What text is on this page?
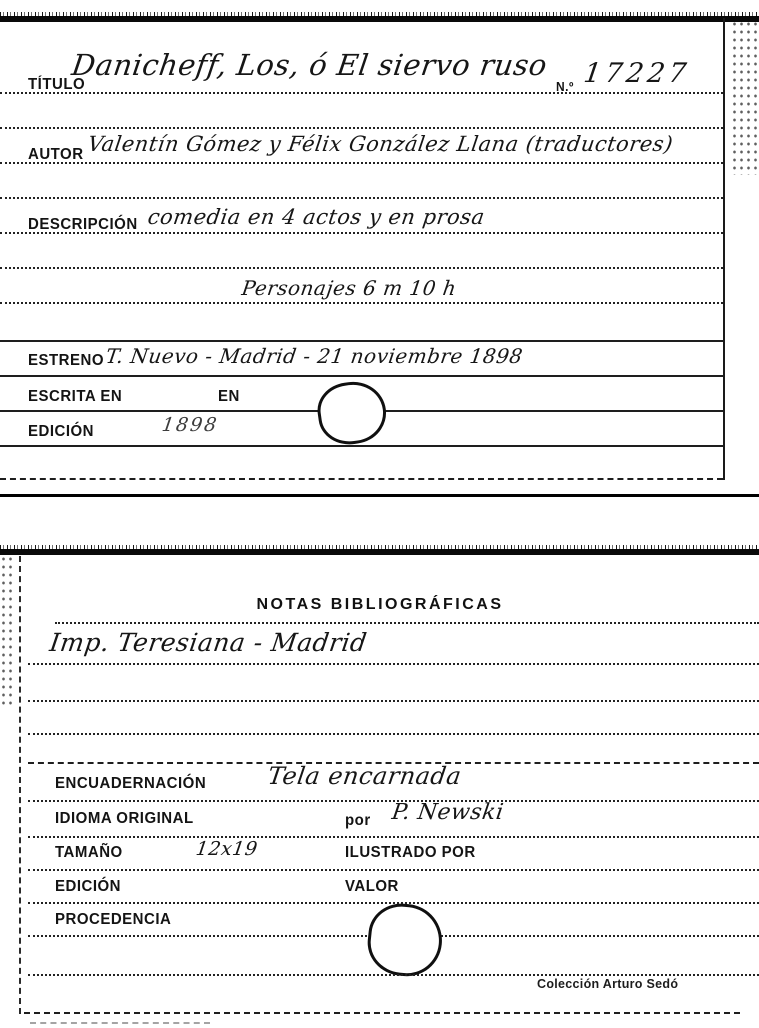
TÍTULO
Danicheff, Los, ó El siervo ruso
N.º 17227
AUTOR Valentín Gómez y Félix González Llana (traductores)
DESCRIPCIÓN comedia en 4 actos y en prosa
Personajes 6 m 10 h
ESTRENO T. Nuevo - Madrid - 21 noviembre 1898
ESCRITA EN	EN
EDICIÓN	1898
NOTAS BIBLIOGRÁFICAS
Imp. Teresiana - Madrid
ENCUADERNACIÓN Tela encarnada
IDIOMA ORIGINAL	por P. Newski
TAMAÑO	12x19	ILUSTRADO POR
EDICIÓN	VALOR
PROCEDENCIA
Colección Arturo Sedó
